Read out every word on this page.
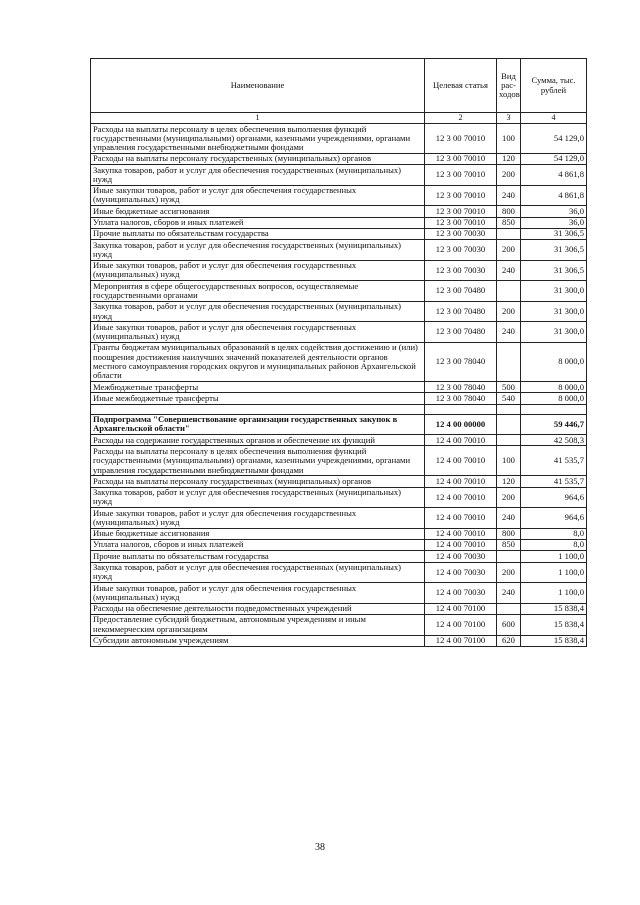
Наименование	Целевая статья	Вид рас-ходов	Сумма, тыс. рублей
1	2	3	4
Расходы на выплаты персоналу в целях обеспечения выполнения функций государственными (муниципальными) органами, казенными учреждениями, органами управления государственными внебюджетными фондами	12 3 00 70010	100	54 129,0
Расходы на выплаты персоналу государственных (муниципальных) органов	12 3 00 70010	120	54 129,0
Закупка товаров, работ и услуг для обеспечения государственных (муниципальных) нужд	12 3 00 70010	200	4 861,8
Иные закупки товаров, работ и услуг для обеспечения государственных (муниципальных) нужд	12 3 00 70010	240	4 861,8
Иные бюджетные ассигнования	12 3 00 70010	800	36,0
Уплата налогов, сборов и иных платежей	12 3 00 70010	850	36,0
Прочие выплаты по обязательствам государства	12 3 00 70030		31 306,5
Закупка товаров, работ и услуг для обеспечения государственных (муниципальных) нужд	12 3 00 70030	200	31 306,5
Иные закупки товаров, работ и услуг для обеспечения государственных (муниципальных) нужд	12 3 00 70030	240	31 306,5
Мероприятия в сфере общегосударственных вопросов, осуществляемые государственными органами	12 3 00 70480		31 300,0
Закупка товаров, работ и услуг для обеспечения государственных (муниципальных) нужд	12 3 00 70480	200	31 300,0
Иные закупки товаров, работ и услуг для обеспечения государственных (муниципальных) нужд	12 3 00 70480	240	31 300,0
Гранты бюджетам муниципальных образований в целях содействия достижению и (или) поощрения достижения наилучших значений показателей деятельности органов местного самоуправления городских округов и муниципальных районов Архангельской области	12 3 00 78040		8 000,0
Межбюджетные трансферты	12 3 00 78040	500	8 000,0
Иные межбюджетные трансферты	12 3 00 78040	540	8 000,0

Подпрограмма "Совершенствование организации государственных закупок в Архангельской области"	12 4 00 00000		59 446,7
Расходы на содержание государственных органов и обеспечение их функций	12 4 00 70010		42 508,3
Расходы на выплаты персоналу в целях обеспечения выполнения функций государственными (муниципальными) органами, казенными учреждениями, органами управления государственными внебюджетными фондами	12 4 00 70010	100	41 535,7
Расходы на выплаты персоналу государственных (муниципальных) органов	12 4 00 70010	120	41 535,7
Закупка товаров, работ и услуг для обеспечения государственных (муниципальных) нужд	12 4 00 70010	200	964,6
Иные закупки товаров, работ и услуг для обеспечения государственных (муниципальных) нужд	12 4 00 70010	240	964,6
Иные бюджетные ассигнования	12 4 00 70010	800	8,0
Уплата налогов, сборов и иных платежей	12 4 00 70010	850	8,0
Прочие выплаты по обязательствам государства	12 4 00 70030		1 100,0
Закупка товаров, работ и услуг для обеспечения государственных (муниципальных) нужд	12 4 00 70030	200	1 100,0
Иные закупки товаров, работ и услуг для обеспечения государственных (муниципальных) нужд	12 4 00 70030	240	1 100,0
Расходы на обеспечение деятельности подведомственных учреждений	12 4 00 70100		15 838,4
Предоставление субсидий бюджетным, автономным учреждениям и иным некоммерческим организациям	12 4 00 70100	600	15 838,4
Субсидии автономным учреждениям	12 4 00 70100	620	15 838,4
38
